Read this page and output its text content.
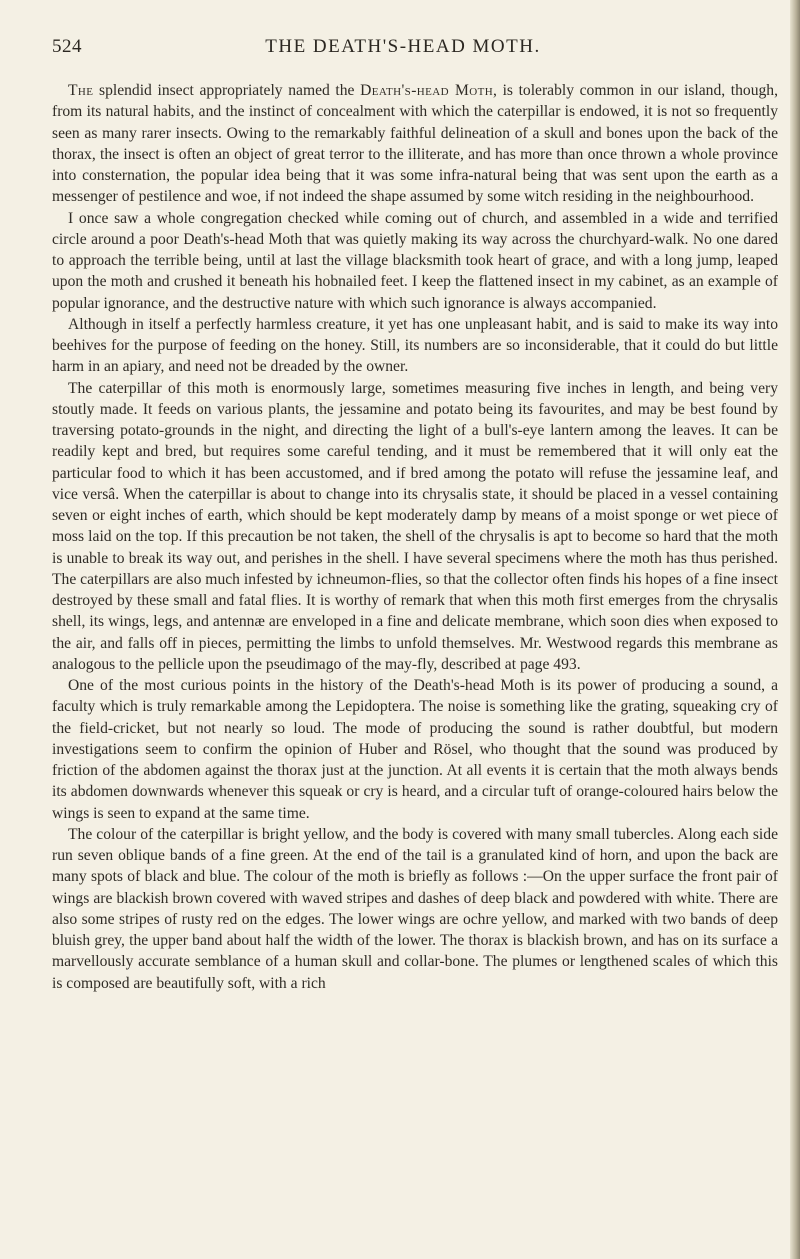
524	THE DEATH'S-HEAD MOTH.

The splendid insect appropriately named the Death's-head Moth, is tolerably common in our island, though, from its natural habits, and the instinct of concealment with which the caterpillar is endowed, it is not so frequently seen as many rarer insects. Owing to the remarkably faithful delineation of a skull and bones upon the back of the thorax, the insect is often an object of great terror to the illiterate, and has more than once thrown a whole province into consternation, the popular idea being that it was some infra-natural being that was sent upon the earth as a messenger of pestilence and woe, if not indeed the shape assumed by some witch residing in the neighbourhood.

I once saw a whole congregation checked while coming out of church, and assembled in a wide and terrified circle around a poor Death's-head Moth that was quietly making its way across the churchyard-walk. No one dared to approach the terrible being, until at last the village blacksmith took heart of grace, and with a long jump, leaped upon the moth and crushed it beneath his hobnailed feet. I keep the flattened insect in my cabinet, as an example of popular ignorance, and the destructive nature with which such ignorance is always accompanied.

Although in itself a perfectly harmless creature, it yet has one unpleasant habit, and is said to make its way into beehives for the purpose of feeding on the honey. Still, its numbers are so inconsiderable, that it could do but little harm in an apiary, and need not be dreaded by the owner.

The caterpillar of this moth is enormously large, sometimes measuring five inches in length, and being very stoutly made. It feeds on various plants, the jessamine and potato being its favourites, and may be best found by traversing potato-grounds in the night, and directing the light of a bull's-eye lantern among the leaves. It can be readily kept and bred, but requires some careful tending, and it must be remembered that it will only eat the particular food to which it has been accustomed, and if bred among the potato will refuse the jessamine leaf, and vice versâ. When the caterpillar is about to change into its chrysalis state, it should be placed in a vessel containing seven or eight inches of earth, which should be kept moderately damp by means of a moist sponge or wet piece of moss laid on the top. If this precaution be not taken, the shell of the chrysalis is apt to become so hard that the moth is unable to break its way out, and perishes in the shell. I have several specimens where the moth has thus perished. The caterpillars are also much infested by ichneumon-flies, so that the collector often finds his hopes of a fine insect destroyed by these small and fatal flies. It is worthy of remark that when this moth first emerges from the chrysalis shell, its wings, legs, and antennæ are enveloped in a fine and delicate membrane, which soon dies when exposed to the air, and falls off in pieces, permitting the limbs to unfold themselves. Mr. Westwood regards this membrane as analogous to the pellicle upon the pseudimago of the may-fly, described at page 493.

One of the most curious points in the history of the Death's-head Moth is its power of producing a sound, a faculty which is truly remarkable among the Lepidoptera. The noise is something like the grating, squeaking cry of the field-cricket, but not nearly so loud. The mode of producing the sound is rather doubtful, but modern investigations seem to confirm the opinion of Huber and Rösel, who thought that the sound was produced by friction of the abdomen against the thorax just at the junction. At all events it is certain that the moth always bends its abdomen downwards whenever this squeak or cry is heard, and a circular tuft of orange-coloured hairs below the wings is seen to expand at the same time.

The colour of the caterpillar is bright yellow, and the body is covered with many small tubercles. Along each side run seven oblique bands of a fine green. At the end of the tail is a granulated kind of horn, and upon the back are many spots of black and blue. The colour of the moth is briefly as follows :—On the upper surface the front pair of wings are blackish brown covered with waved stripes and dashes of deep black and powdered with white. There are also some stripes of rusty red on the edges. The lower wings are ochre yellow, and marked with two bands of deep bluish grey, the upper band about half the width of the lower. The thorax is blackish brown, and has on its surface a marvellously accurate semblance of a human skull and collar-bone. The plumes or lengthened scales of which this is composed are beautifully soft, with a rich
